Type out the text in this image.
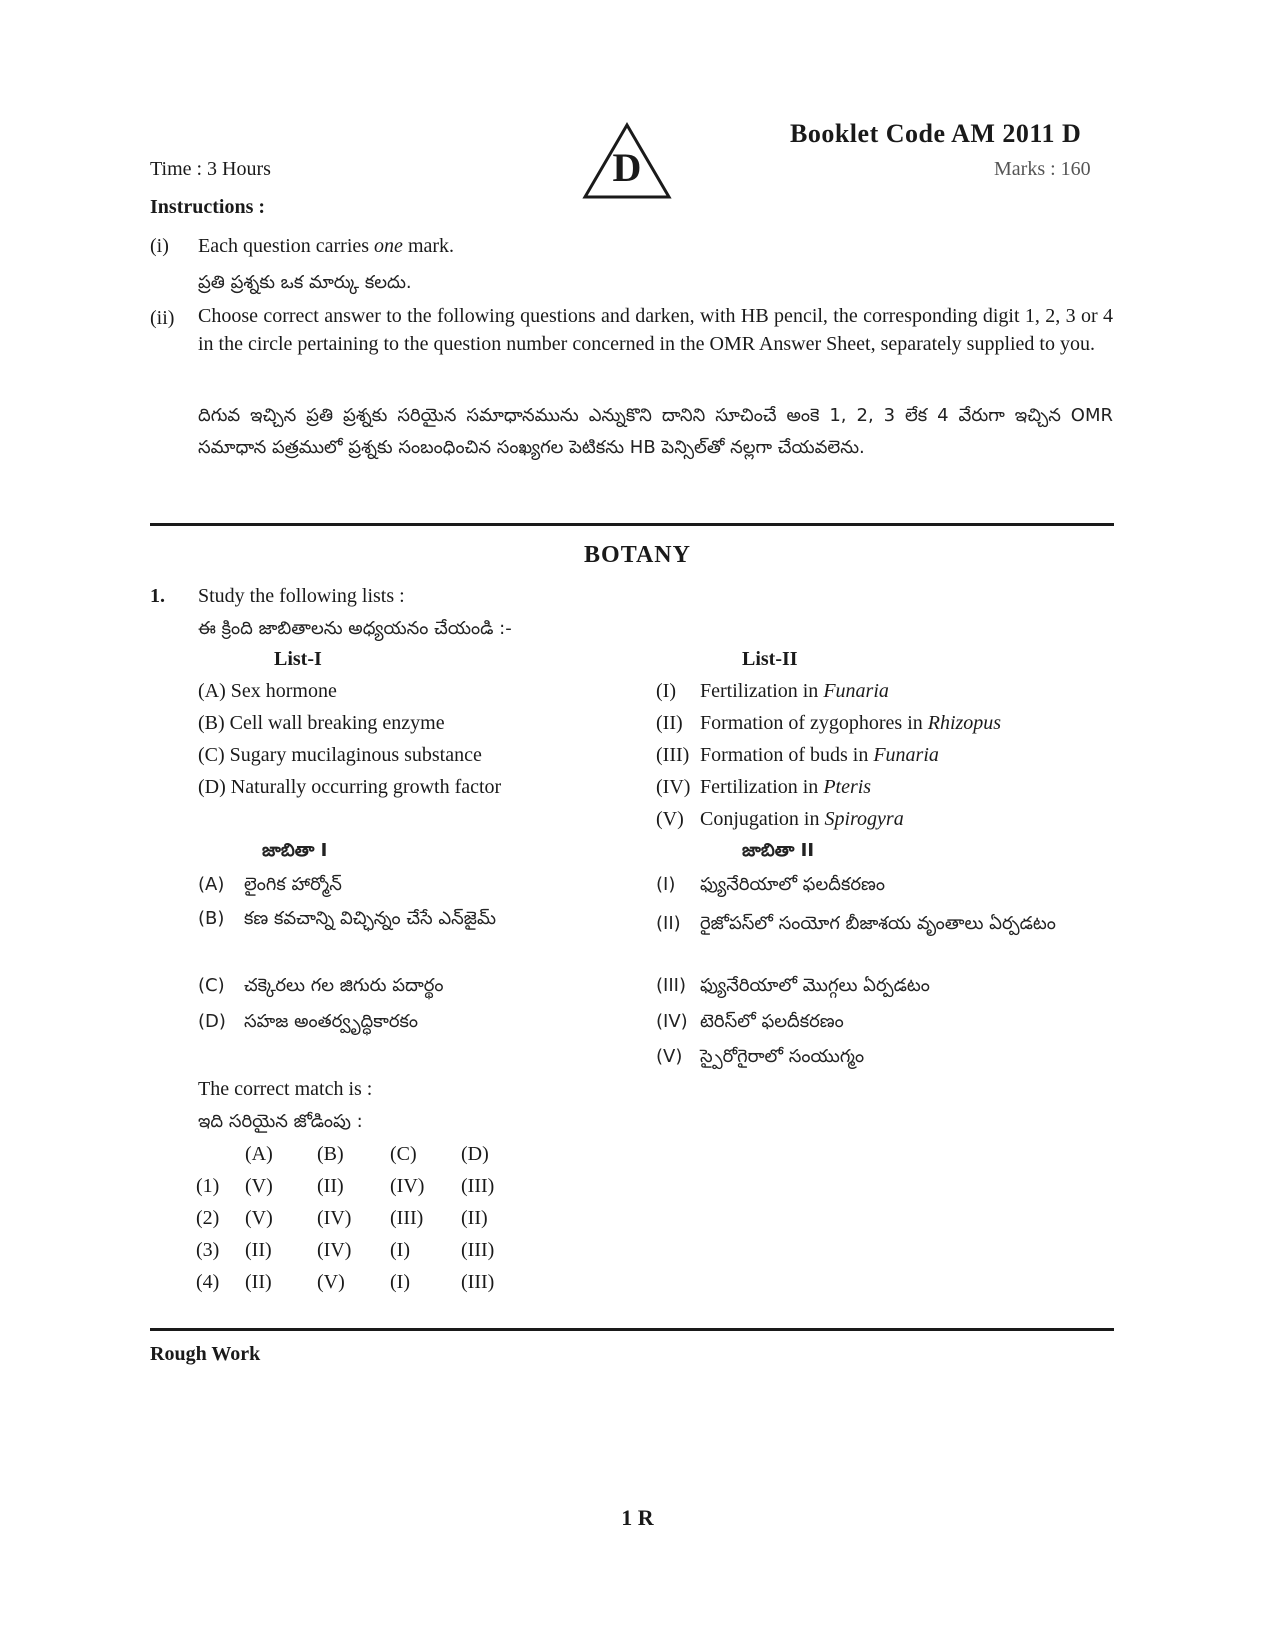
Booklet Code AM 2011 D
Time : 3 Hours	Marks : 160
D
Instructions :
(i) Each question carries one mark.
ప్రతి ప్రశ్నకు ఒక మార్కు కలదు.
(ii) Choose correct answer to the following questions and darken, with HB pencil, the corresponding digit 1, 2, 3 or 4 in the circle pertaining to the question number concerned in the OMR Answer Sheet, separately supplied to you.
దిగువ ఇచ్చిన ప్రతి ప్రశ్నకు సరియైన సమాధానమును ఎన్నుకొని దానిని సూచించే అంకె 1, 2, 3 లేక 4 వేరుగా ఇచ్చిన OMR సమాధాన పత్రములో ప్రశ్నకు సంబంధించిన సంఖ్యగల పెటికను HB పెన్సిల్‌తో నల్లగా చేయవలెను.
BOTANY
1. Study the following lists :
ఈ క్రింది జాబితాలను అధ్యయనం చేయండి :-
List-I	List-II
(A) Sex hormone
(B) Cell wall breaking enzyme
(C) Sugary mucilaginous substance
(D) Naturally occurring growth factor
(I) Fertilization in Funaria
(II) Formation of zygophores in Rhizopus
(III) Formation of buds in Funaria
(IV) Fertilization in Pteris
(V) Conjugation in Spirogyra
జాబితా I	జాబితా II
(A) లైంగిక హార్మోన్
(B) కణ కవచాన్ని విచ్ఛిన్నం చేసే ఎన్‌జైమ్
(C) చక్కెరలు గల జిగురు పదార్థం
(D) సహజ అంతర్వృద్ధికారకం
(I) ఫ్యునేరియాలో ఫలదీకరణం
(II)	రైజోపస్‌లో సంయోగ బీజాశయ వృంతాలు ఏర్పడటం
(III) ఫ్యునేరియాలో మొగ్గలు ఏర్పడటం
(IV) టెరిస్‌లో ఫలదీకరణం
(V) స్పైరోగైరాలో సంయుగ్మం
The correct match is :
ఇది సరియైన జోడింపు :
(A) (B) (C) (D)
(1) (V) (II) (IV) (III)
(2) (V) (IV) (III) (II)
(3) (II) (IV) (I)	(III)
(4) (II) (V) (I)	(III)
Rough Work
1 R
